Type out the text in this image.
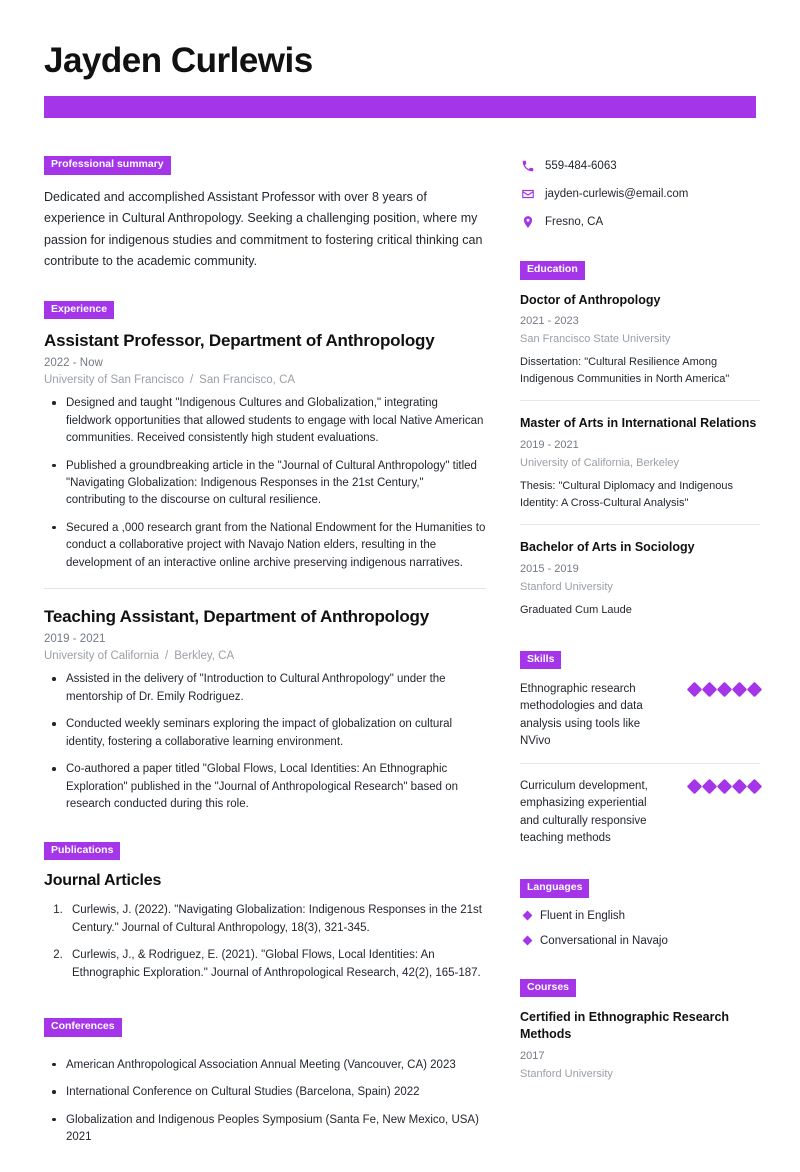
Jayden Curlewis
Professional summary
Dedicated and accomplished Assistant Professor with over 8 years of experience in Cultural Anthropology. Seeking a challenging position, where my passion for indigenous studies and commitment to fostering critical thinking can contribute to the academic community.
Experience
Assistant Professor, Department of Anthropology
2022 - Now
University of San Francisco / San Francisco, CA
Designed and taught "Indigenous Cultures and Globalization," integrating fieldwork opportunities that allowed students to engage with local Native American communities. Received consistently high student evaluations.
Published a groundbreaking article in the "Journal of Cultural Anthropology" titled "Navigating Globalization: Indigenous Responses in the 21st Century," contributing to the discourse on cultural resilience.
Secured a ,000 research grant from the National Endowment for the Humanities to conduct a collaborative project with Navajo Nation elders, resulting in the development of an interactive online archive preserving indigenous narratives.
Teaching Assistant, Department of Anthropology
2019 - 2021
University of California / Berkley, CA
Assisted in the delivery of "Introduction to Cultural Anthropology" under the mentorship of Dr. Emily Rodriguez.
Conducted weekly seminars exploring the impact of globalization on cultural identity, fostering a collaborative learning environment.
Co-authored a paper titled "Global Flows, Local Identities: An Ethnographic Exploration" published in the "Journal of Anthropological Research" based on research conducted during this role.
Publications
Journal Articles
1. Curlewis, J. (2022). "Navigating Globalization: Indigenous Responses in the 21st Century." Journal of Cultural Anthropology, 18(3), 321-345.
2. Curlewis, J., & Rodriguez, E. (2021). "Global Flows, Local Identities: An Ethnographic Exploration." Journal of Anthropological Research, 42(2), 165-187.
Conferences
American Anthropological Association Annual Meeting (Vancouver, CA) 2023
International Conference on Cultural Studies (Barcelona, Spain) 2022
Globalization and Indigenous Peoples Symposium (Santa Fe, New Mexico, USA) 2021
559-484-6063
jayden-curlewis@email.com
Fresno, CA
Education
Doctor of Anthropology
2021 - 2023
San Francisco State University
Dissertation: "Cultural Resilience Among Indigenous Communities in North America"
Master of Arts in International Relations
2019 - 2021
University of California, Berkeley
Thesis: "Cultural Diplomacy and Indigenous Identity: A Cross-Cultural Analysis"
Bachelor of Arts in Sociology
2015 - 2019
Stanford University
Graduated Cum Laude
Skills
Ethnographic research methodologies and data analysis using tools like NVivo
Curriculum development, emphasizing experiential and culturally responsive teaching methods
Languages
Fluent in English
Conversational in Navajo
Courses
Certified in Ethnographic Research Methods
2017
Stanford University
